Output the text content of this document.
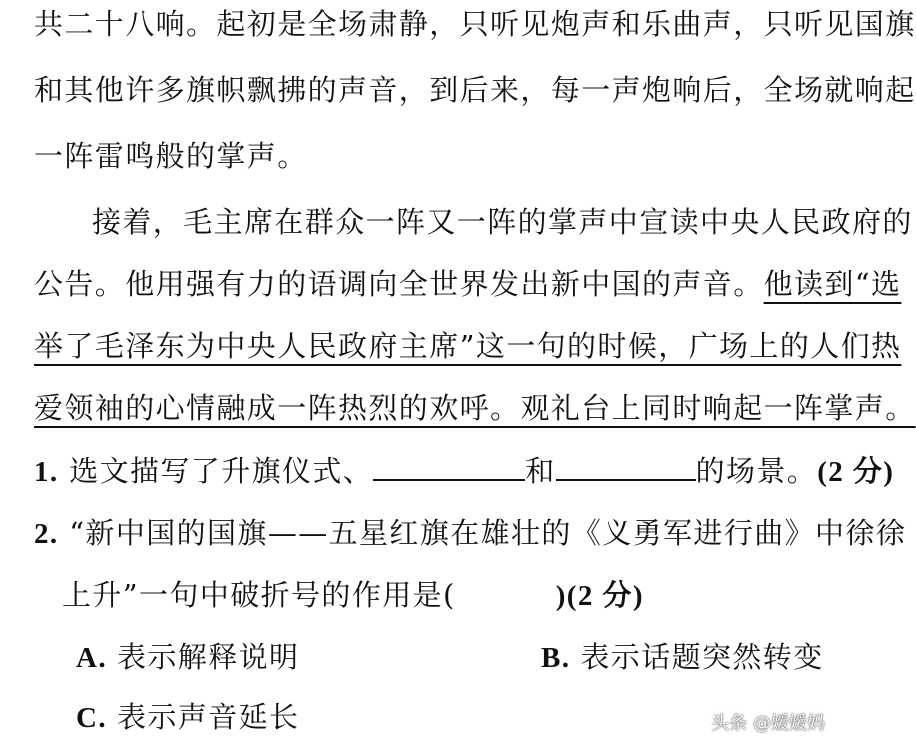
共二十八响。起初是全场肃静，只听见炮声和乐曲声，只听见国旗
和其他许多旗帜飘拂的声音，到后来，每一声炮响后，全场就响起
一阵雷鸣般的掌声。
接着，毛主席在群众一阵又一阵的掌声中宣读中央人民政府的
公告。他用强有力的语调向全世界发出新中国的声音。他读到“选
举了毛泽东为中央人民政府主席”这一句的时候，广场上的人们热
爱领袖的心情融成一阵热烈的欢呼。观礼台上同时响起一阵掌声。
1. 选文描写了升旗仪式、	和	的场景。(2 分)
2. “新中国的国旗——五星红旗在雄壮的《义勇军进行曲》中徐徐
上升”一句中破折号的作用是(	)(2 分)
A. 表示解释说明	B. 表示话题突然转变
C. 表示声音延长	头条 @嫒嫒妈
